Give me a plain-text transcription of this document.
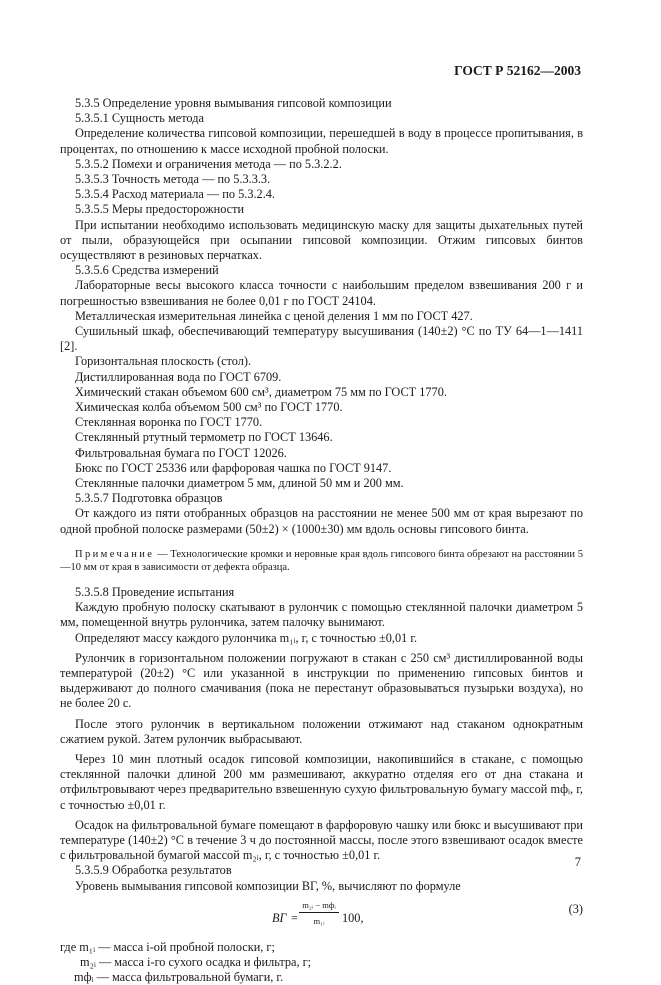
ГОСТ Р 52162—2003

5.3.5 Определение уровня вымывания гипсовой композиции

5.3.5.1 Сущность метода

Определение количества гипсовой композиции, перешедшей в воду в процессе пропитывания, в процентах, по отношению к массе исходной пробной полоски.

5.3.5.2 Помехи и ограничения метода — по 5.3.2.2.

5.3.5.3 Точность метода — по 5.3.3.3.

5.3.5.4 Расход материала — по 5.3.2.4.

5.3.5.5 Меры предосторожности

При испытании необходимо использовать медицинскую маску для защиты дыхательных путей от пыли, образующейся при осыпании гипсовой композиции. Отжим гипсовых бинтов осуществляют в резиновых перчатках.

5.3.5.6 Средства измерений

Лабораторные весы высокого класса точности с наибольшим пределом взвешивания 200 г и погрешностью взвешивания не более 0,01 г по ГОСТ 24104.

Металлическая измерительная линейка с ценой деления 1 мм по ГОСТ 427.

Сушильный шкаф, обеспечивающий температуру высушивания (140±2) °С по ТУ 64—1—1411 [2].

Горизонтальная плоскость (стол).

Дистиллированная вода по ГОСТ 6709.

Химический стакан объемом 600 см³, диаметром 75 мм по ГОСТ 1770.

Химическая колба объемом 500 см³ по ГОСТ 1770.

Стеклянная воронка по ГОСТ 1770.

Стеклянный ртутный термометр по ГОСТ 13646.

Фильтровальная бумага по ГОСТ 12026.

Бюкс по ГОСТ 25336 или фарфоровая чашка по ГОСТ 9147.

Стеклянные палочки диаметром 5 мм, длиной 50 мм и 200 мм.

5.3.5.7 Подготовка образцов

От каждого из пяти отобранных образцов на расстоянии не менее 500 мм от края вырезают по одной пробной полоске размерами (50±2) × (1000±30) мм вдоль основы гипсового бинта.

Примечание — Технологические кромки и неровные края вдоль гипсового бинта обрезают на расстоянии 5—10 мм от края в зависимости от дефекта образца.

5.3.5.8 Проведение испытания

Каждую пробную полоску скатывают в рулончик с помощью стеклянной палочки диаметром 5 мм, помещенной внутрь рулончика, затем палочку вынимают.

Определяют массу каждого рулончика m₁ᵢ, г, с точностью ±0,01 г.

Рулончик в горизонтальном положении погружают в стакан с 250 см³ дистиллированной воды температурой (20±2) °С или указанной в инструкции по применению гипсовых бинтов и выдерживают до полного смачивания (пока не перестанут образовываться пузырьки воздуха), но не более 20 с.

После этого рулончик в вертикальном положении отжимают над стаканом однократным сжатием рукой. Затем рулончик выбрасывают.

Через 10 мин плотный осадок гипсовой композиции, накопившийся в стакане, с помощью стеклянной палочки длиной 200 мм размешивают, аккуратно отделяя его от дна стакана и отфильтровывают через предварительно взвешенную сухую фильтровальную бумагу массой mфᵢ, г, с точностью ±0,01 г.

Осадок на фильтровальной бумаге помещают в фарфоровую чашку или бюкс и высушивают при температуре (140±2) °С в течение 3 ч до постоянной массы, после этого взвешивают осадок вместе с фильтровальной бумагой массой m₂ᵢ, г, с точностью ±0,01 г.

5.3.5.9 Обработка результатов

Уровень вымывания гипсовой композиции ВГ, %, вычисляют по формуле

ВГ =
m₂ᵢ − mфᵢ
m₁ᵢ	100,
(3)
где m₁ᵢ — масса i-ой пробной полоски, г;
m₂ᵢ — масса i-го сухого осадка и фильтра, г;
mфᵢ — масса фильтровальной бумаги, г.
7
